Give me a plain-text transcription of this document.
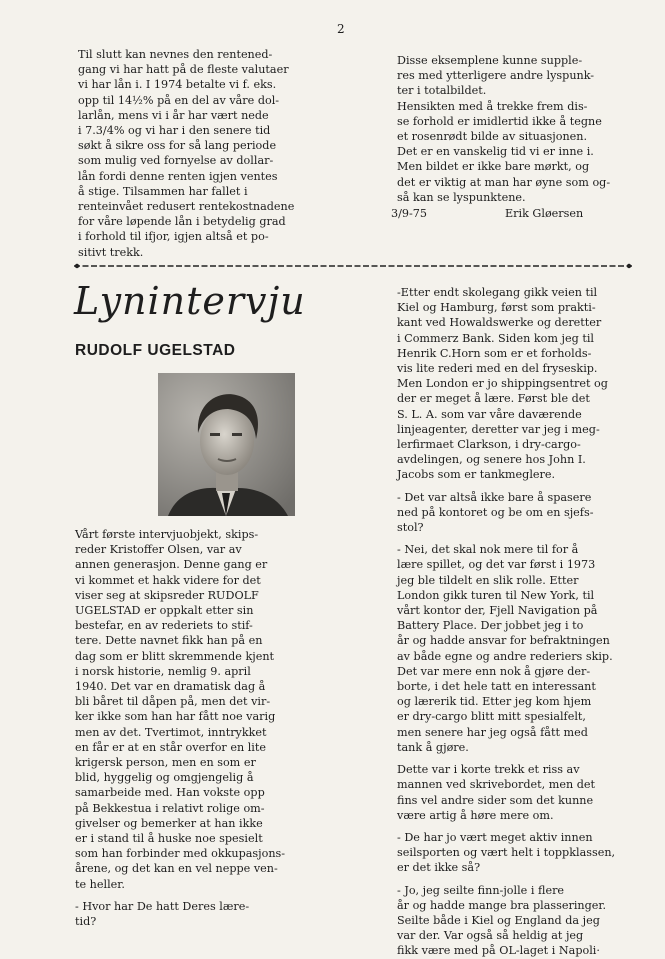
2

Til slutt kan nevnes den rentened-
gang vi har hatt på de fleste valutaer
vi har lån i. I 1974 betalte vi f. eks.
opp til 14½% på en del av våre dol-
larlån, mens vi i år har vært nede
i 7.3/4% og vi har i den senere tid
søkt å sikre oss for så lang periode
som mulig ved fornyelse av dollar-
lån fordi denne renten igjen ventes
å stige. Tilsammen har fallet i
renteinvået redusert rentekostnadene
for våre løpende lån i betydelig grad
i forhold til ifjor, igjen altså et po-
sitivt trekk.

Disse eksemplene kunne supple-
res med ytterligere andre lyspunk-
ter i totalbildet.

Hensikten med å trekke frem dis-
se forhold er imidlertid ikke å tegne
et rosenrødt bilde av situasjonen.
Det er en vanskelig tid vi er inne i.
Men bildet er ikke bare mørkt, og
det er viktig at man har øyne som og-
så kan se lyspunktene.

3/9-75	Erik Gløersen
Lynintervju
RUDOLF UGELSTAD

Vårt første intervjuobjekt, skips-
reder Kristoffer Olsen, var av
annen generasjon. Denne gang er
vi kommet et hakk videre for det
viser seg at skipsreder RUDOLF
UGELSTAD er oppkalt etter sin
bestefar, en av rederiets to stif-
tere. Dette navnet fikk han på en
dag som er blitt skremmende kjent
i norsk historie, nemlig 9. april
1940. Det var en dramatisk dag å
bli båret til dåpen på, men det vir-
ker ikke som han har fått noe varig
men av det. Tvertimot, inntrykket
en får er at en står overfor en lite
krigersk person, men en som er
blid, hyggelig og omgjengelig å
samarbeide med. Han vokste opp
på Bekkestua i relativt rolige om-
givelser og bemerker at han ikke
er i stand til å huske noe spesielt
som han forbinder med okkupasjons-
årene, og det kan en vel neppe ven-
te heller.

- Hvor har De hatt Deres lære-
tid?

-Etter endt skolegang gikk veien til
Kiel og Hamburg, først som prakti-
kant ved Howaldswerke og deretter
i Commerz Bank. Siden kom jeg til
Henrik C.Horn som er et forholds-
vis lite rederi med en del fryseskip.
Men London er jo shippingsentret og
der er meget å lære. Først ble det
S. L. A. som var våre daværende
linjeagenter, deretter var jeg i meg-
lerfirmaet Clarkson, i dry-cargo-
avdelingen, og senere hos John I.
Jacobs som er tankmeglere.

- Det var altså ikke bare å spasere
ned på kontoret og be om en sjefs-
stol?

- Nei, det skal nok mere til for å
lære spillet, og det var først i 1973
jeg ble tildelt en slik rolle. Etter
London gikk turen til New York, til
vårt kontor der, Fjell Navigation på
Battery Place. Der jobbet jeg i to
år og hadde ansvar for befraktningen
av både egne og andre rederiers skip.
Det var mere enn nok å gjøre der-
borte, i det hele tatt en interessant
og lærerik tid. Etter jeg kom hjem
er dry-cargo blitt mitt spesialfelt,
men senere har jeg også fått med
tank å gjøre.

Dette var i korte trekk et riss av
mannen ved skrivebordet, men det
fins vel andre sider som det kunne
være artig å høre mere om.

- De har jo vært meget aktiv innen
seilsporten og vært helt i toppklassen,
er det ikke så?

- Jo, jeg seilte finn-jolle i flere
år og hadde mange bra plasseringer.
Seilte både i Kiel og England da jeg
var der. Var også så heldig at jeg
fikk være med på OL-laget i Napoli·
